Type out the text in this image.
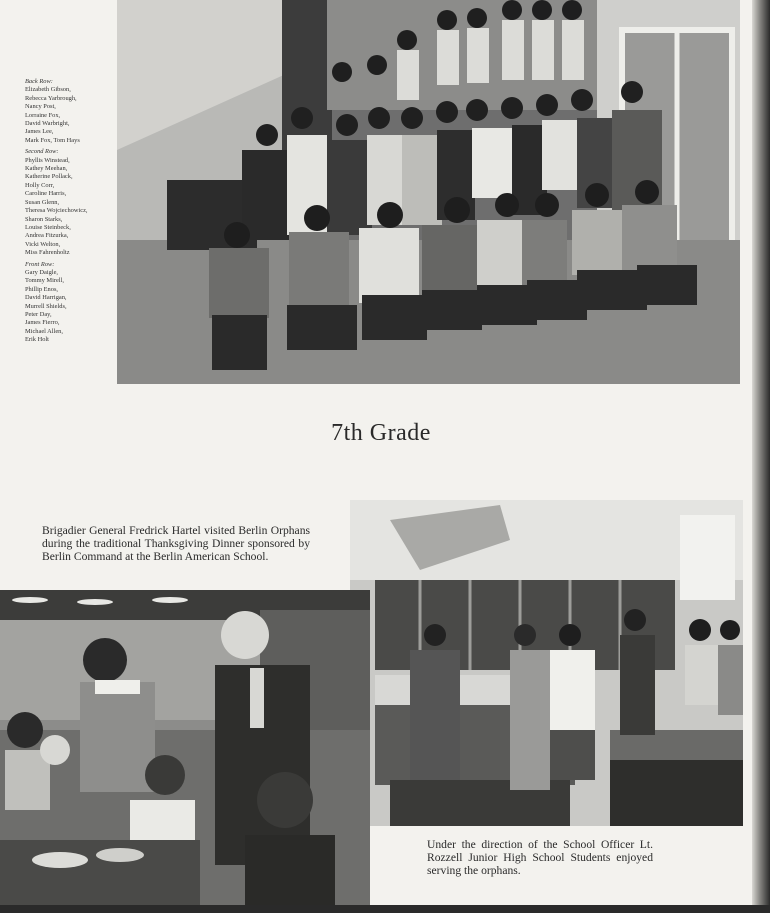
Back Row:
Elizabeth Gibson,
Rebecca Yarbrough,
Nancy Post,
Lorraine Fox,
David Warbright,
James Lee,
Mark Fox, Tom Hays
Second Row:
Phyllis Winstead,
Kathey Meehan,
Katherine Pollack,
Holly Corr,
Caroline Harris,
Susan Glenn,
Theresa Wojciechowicz,
Sharon Starks,
Louise Steinbeck,
Andrea Fitzurka,
Vicki Welton,
Miss Fahrenholtz
Front Row:
Gary Daigle,
Tommy Mirell,
Phillip Enos,
David Harrigan,
Murrell Shields,
Peter Day,
James Fierro,
Michael Allen,
Erik Holt
7th Grade
Brigadier General Fredrick Hartel visited Berlin Orphans during the traditional Thanksgiving Dinner sponsored by Berlin Command at the Berlin American School.
Under the direction of the School Officer Lt. Rozzell Junior High School Students enjoyed serving the orphans.
